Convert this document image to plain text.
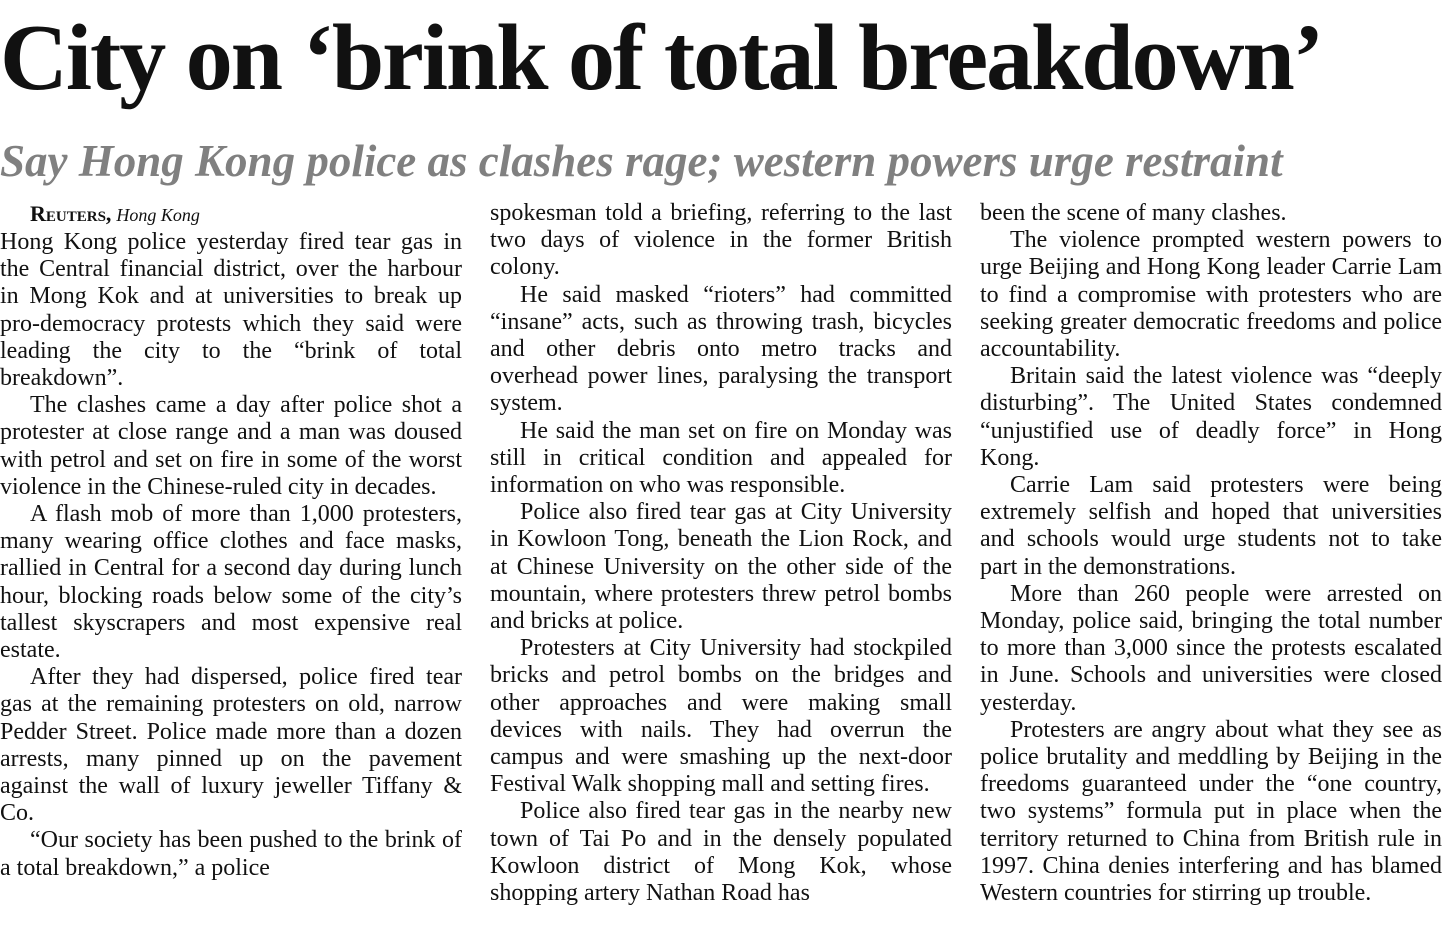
City on ‘brink of total breakdown’
Say Hong Kong police as clashes rage; western powers urge restraint

Reuters, Hong Kong

Hong Kong police yesterday fired tear gas in the Central financial district, over the harbour in Mong Kok and at universities to break up pro-democracy protests which they said were leading the city to the “brink of total breakdown”.

The clashes came a day after police shot a protester at close range and a man was doused with petrol and set on fire in some of the worst violence in the Chinese-ruled city in decades.

A flash mob of more than 1,000 protesters, many wearing office clothes and face masks, rallied in Central for a second day during lunch hour, blocking roads below some of the city’s tallest skyscrapers and most expensive real estate.

After they had dispersed, police fired tear gas at the remaining protesters on old, narrow Pedder Street. Police made more than a dozen arrests, many pinned up on the pavement against the wall of luxury jeweller Tiffany & Co.

“Our society has been pushed to the brink of a total breakdown,” a police

spokesman told a briefing, referring to the last two days of violence in the former British colony.

He said masked “rioters” had committed “insane” acts, such as throwing trash, bicycles and other debris onto metro tracks and overhead power lines, paralysing the transport system.

He said the man set on fire on Monday was still in critical condition and appealed for information on who was responsible.

Police also fired tear gas at City University in Kowloon Tong, beneath the Lion Rock, and at Chinese University on the other side of the mountain, where protesters threw petrol bombs and bricks at police.

Protesters at City University had stockpiled bricks and petrol bombs on the bridges and other approaches and were making small devices with nails. They had overrun the campus and were smashing up the next-door Festival Walk shopping mall and setting fires.

Police also fired tear gas in the nearby new town of Tai Po and in the densely populated Kowloon district of Mong Kok, whose shopping artery Nathan Road has

been the scene of many clashes.

The violence prompted western powers to urge Beijing and Hong Kong leader Carrie Lam to find a compromise with protesters who are seeking greater democratic freedoms and police accountability.

Britain said the latest violence was “deeply disturbing”. The United States condemned “unjustified use of deadly force” in Hong Kong.

Carrie Lam said protesters were being extremely selfish and hoped that universities and schools would urge students not to take part in the demonstrations.

More than 260 people were arrested on Monday, police said, bringing the total number to more than 3,000 since the protests escalated in June. Schools and universities were closed yesterday.

Protesters are angry about what they see as police brutality and meddling by Beijing in the freedoms guaranteed under the “one country, two systems” formula put in place when the territory returned to China from British rule in 1997. China denies interfering and has blamed Western countries for stirring up trouble.
